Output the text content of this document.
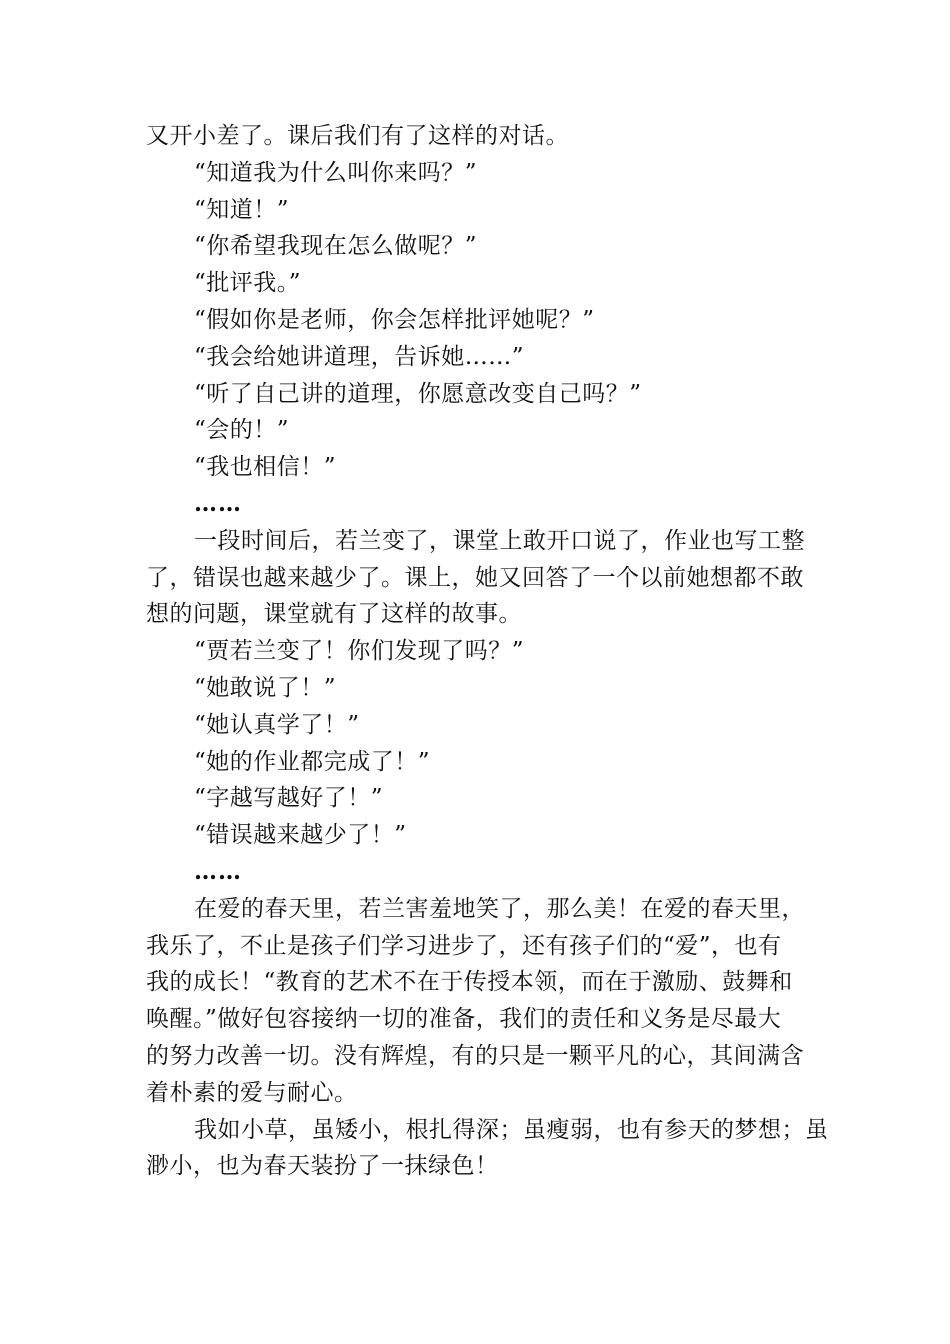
又开小差了。课后我们有了这样的对话。
“知道我为什么叫你来吗？”
“知道！”
“你希望我现在怎么做呢？”
“批评我。”
“假如你是老师，你会怎样批评她呢？”
“我会给她讲道理，告诉她……”
“听了自己讲的道理，你愿意改变自己吗？”
“会的！”
“我也相信！”
……
一段时间后，若兰变了，课堂上敢开口说了，作业也写工整
了，错误也越来越少了。课上，她又回答了一个以前她想都不敢
想的问题，课堂就有了这样的故事。
“贾若兰变了！你们发现了吗？”
“她敢说了！”
“她认真学了！”
“她的作业都完成了！”
“字越写越好了！”
“错误越来越少了！”
……
在爱的春天里，若兰害羞地笑了，那么美！在爱的春天里，
我乐了，不止是孩子们学习进步了，还有孩子们的“爱”，也有
我的成长！“教育的艺术不在于传授本领，而在于激励、鼓舞和
唤醒。”做好包容接纳一切的准备，我们的责任和义务是尽最大
的努力改善一切。没有辉煌，有的只是一颗平凡的心，其间满含
着朴素的爱与耐心。
我如小草，虽矮小，根扎得深；虽瘦弱，也有参天的梦想；虽
渺小，也为春天装扮了一抹绿色！
